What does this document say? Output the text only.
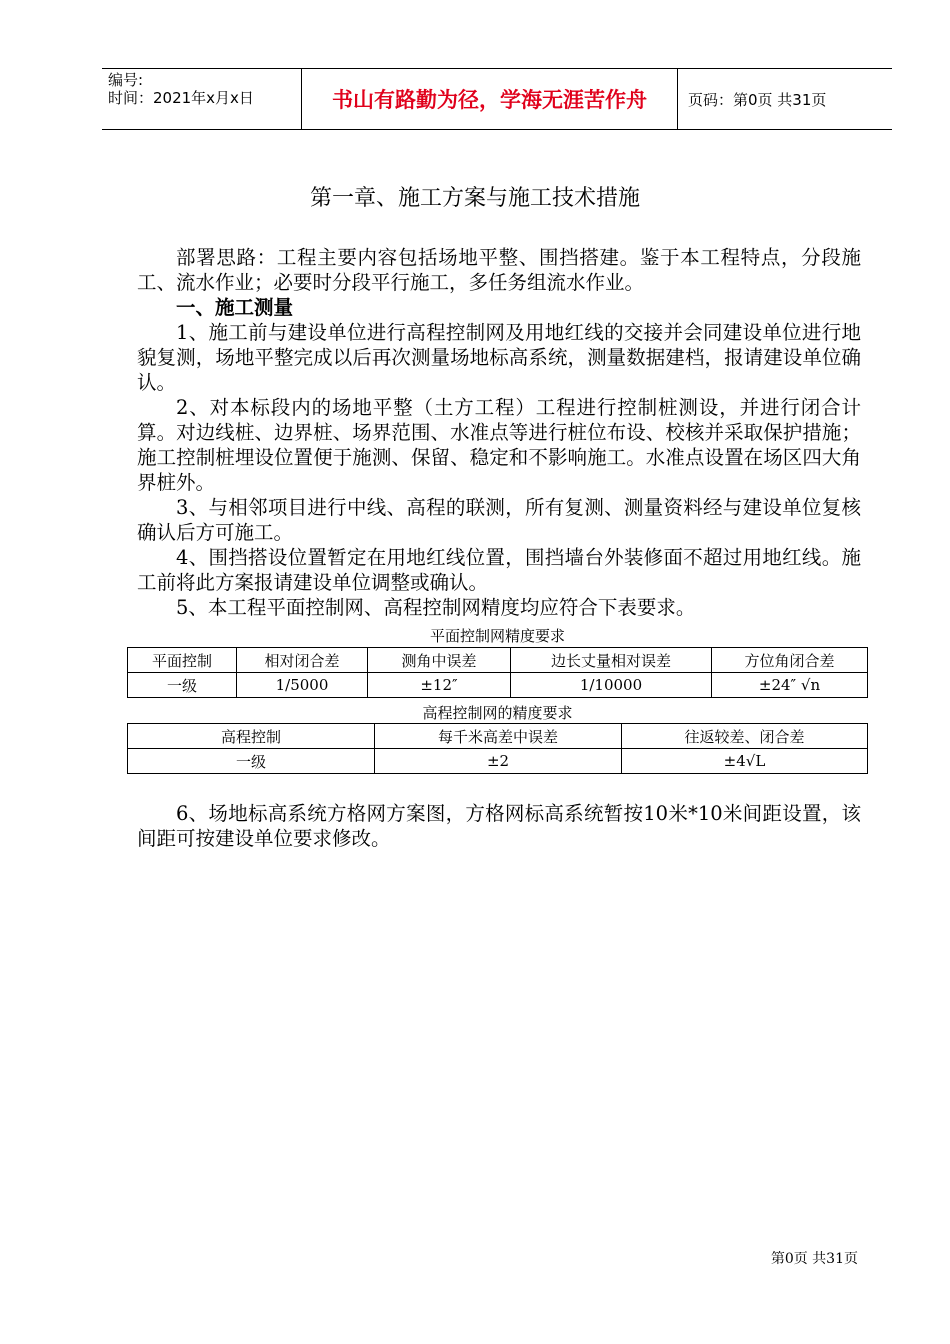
编号:
时间：2021年x月x日	书山有路勤为径，学海无涯苦作舟	页码：第0页 共31页
第一章、施工方案与施工技术措施

部署思路：工程主要内容包括场地平整、围挡搭建。鉴于本工程特点，分段施工、流水作业；必要时分段平行施工，多任务组流水作业。

一、施工测量

1、施工前与建设单位进行高程控制网及用地红线的交接并会同建设单位进行地貌复测，场地平整完成以后再次测量场地标高系统，测量数据建档，报请建设单位确认。

2、对本标段内的场地平整（土方工程）工程进行控制桩测设，并进行闭合计算。对边线桩、边界桩、场界范围、水准点等进行桩位布设、校核并采取保护措施；施工控制桩埋设位置便于施测、保留、稳定和不影响施工。水准点设置在场区四大角界桩外。

3、与相邻项目进行中线、高程的联测，所有复测、测量资料经与建设单位复核确认后方可施工。

4、围挡搭设位置暂定在用地红线位置，围挡墙台外装修面不超过用地红线。施工前将此方案报请建设单位调整或确认。

5、本工程平面控制网、高程控制网精度均应符合下表要求。

平面控制网精度要求
平面控制	相对闭合差	测角中误差	边长丈量相对误差	方位角闭合差
一级	1/5000	±12″	1/10000	±24″ √n
高程控制网的精度要求
高程控制	每千米高差中误差	往返较差、闭合差
一级	±2	±4√L

6、场地标高系统方格网方案图，方格网标高系统暂按10米*10米间距设置，该间距可按建设单位要求修改。

第0页 共31页
